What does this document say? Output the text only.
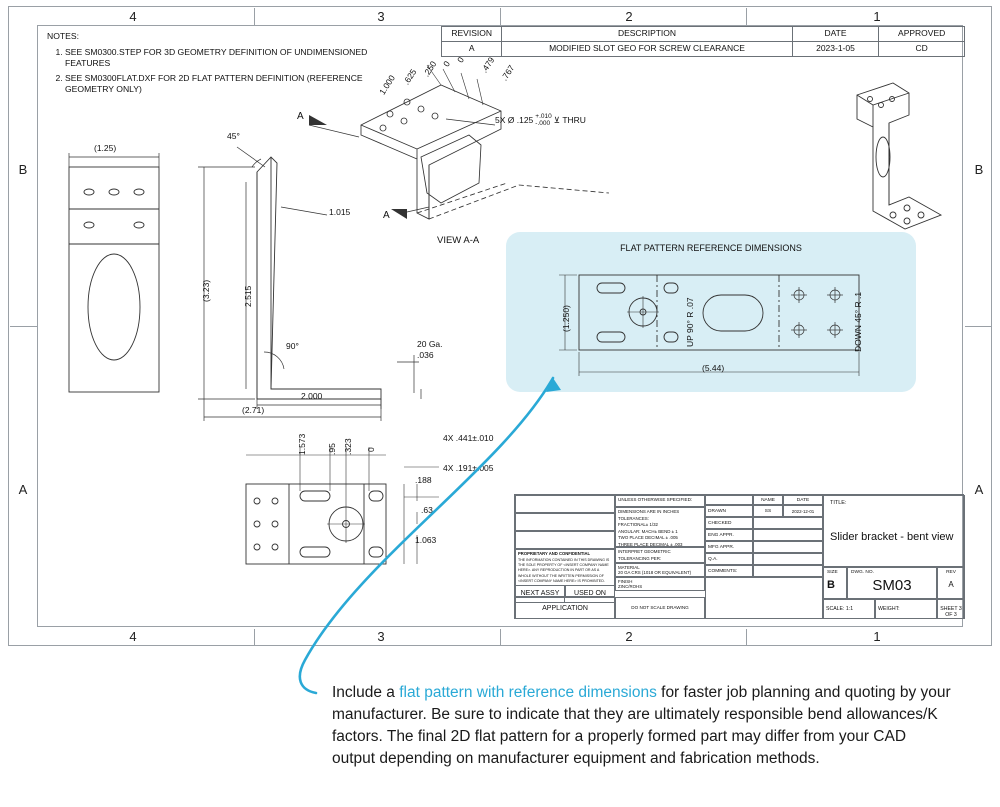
4	3	2	1
4	3	2	1
B
A
B
A
NOTES:
1. SEE SM0300.STEP FOR 3D GEOMETRY DEFINITION OF UNDIMENSIONED FEATURES
2. SEE SM0300FLAT.DXF FOR 2D FLAT PATTERN DEFINITION (REFERENCE GEOMETRY ONLY)
REVISION	DESCRIPTION	DATE	APPROVED
A	MODIFIED SLOT GEO FOR SCREW CLEARANCE	2023-1-05	CD
FLAT PATTERN REFERENCE DIMENSIONS
.250
.625
1.000
0 0 .479 .767
A
A
VIEW A-A
5X Ø .125 +.010
-.000 ⊻ THRU
(1.25)
45°
90°
(3.23)	2.515
1.015
2.000
(2.71)
20 Ga.
.036
1.573 .95 .323 0
.188
.63
1.063
4X .441±.010
4X .191±.005
(1.250)
(5.44)
UP 90° R .07	DOWN 45° R .1
PROPRIETARY AND CONFIDENTIAL
THE INFORMATION CONTAINED IN THIS DRAWING IS THE SOLE PROPERTY OF <INSERT COMPANY NAME HERE>. ANY REPRODUCTION IN PART OR AS A WHOLE WITHOUT THE WRITTEN PERMISSION OF <INSERT COMPANY NAME HERE> IS PROHIBITED.
NEXT ASSY	USED ON
APPLICATION
UNLESS OTHERWISE SPECIFIED:
DIMENSIONS ARE IN INCHES
TOLERANCES:
FRACTIONAL± 1/32
ANGULAR: MACH± BEND ± 1
TWO PLACE DECIMAL ± .005
THREE PLACE DECIMAL ± .003
INTERPRET GEOMETRIC
TOLERANCING PER:
MATERIAL
20 GA CRS (1018 OR EQUIVALENT)
FINISH
ZINC/ROHS
DO NOT SCALE DRAWING
NAME	DATE
DRAWN	SS	2022-12-01
CHECKED
ENG APPR.
MFG APPR.
Q.A.
COMMENTS:
TITLE:
Slider bracket - bent view
SIZE
B
DWG. NO.
SM03
REV
A
SCALE: 1:1	WEIGHT:	SHEET 3 OF 3
Include a flat pattern with reference dimensions for faster job planning and quoting by your manufacturer. Be sure to indicate that they are ultimately responsible bend allowances/K factors. The final 2D flat pattern for a properly formed part may differ from your CAD output depending on manufacturer equipment and fabrication methods.
